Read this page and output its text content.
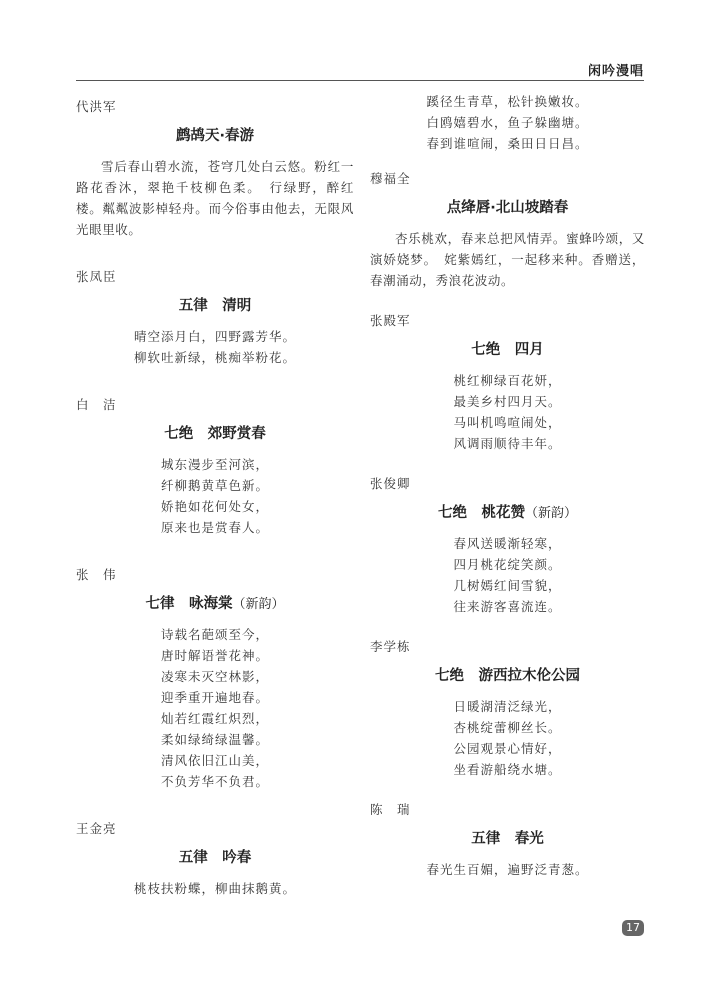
闲吟漫唱
代洪军
鹧鸪天·春游
雪后春山碧水流，苍穹几处白云悠。粉红一路花香沐，翠艳千枝柳色柔。　行绿野，醉红楼。粼粼波影棹轻舟。而今俗事由他去，无限风光眼里收。
张凤臣
五律　清明
晴空添月白，四野露芳华。
柳软吐新绿，桃痴举粉花。
白　洁
七绝　郊野赏春
城东漫步至河滨，
纤柳鹅黄草色新。
娇艳如花何处女，
原来也是赏春人。
张　伟
七律　咏海棠（新韵）
诗载名葩颂至今，
唐时解语誉花神。
凌寒未灭空林影，
迎季重开遍地春。
灿若红霞红炽烈，
柔如绿绮绿温馨。
清风依旧江山美，
不负芳华不负君。
王金亮
五律　吟春
桃枝扶粉蝶，柳曲抹鹅黄。
蹊径生青草，松针换嫩妆。
白鸥嬉碧水，鱼子躲幽塘。
春到谁喧闹，桑田日日昌。
穆福全
点绛唇·北山坡踏春
杏乐桃欢，春来总把风情弄。蜜蜂吟颂，又演娇娆梦。　姹紫嫣红，一起移来种。香赠送，春潮涌动，秀浪花波动。
张殿军
七绝　四月
桃红柳绿百花妍，
最美乡村四月天。
马叫机鸣喧闹处，
风调雨顺待丰年。
张俊卿
七绝　桃花赞（新韵）
春风送暖渐轻寒，
四月桃花绽笑颜。
几树嫣红间雪貌，
往来游客喜流连。
李学栋
七绝　游西拉木伦公园
日暖湖清泛绿光，
杏桃绽蕾柳丝长。
公园观景心情好，
坐看游船绕水塘。
陈　瑞
五律　春光
春光生百媚，遍野泛青葱。
17
